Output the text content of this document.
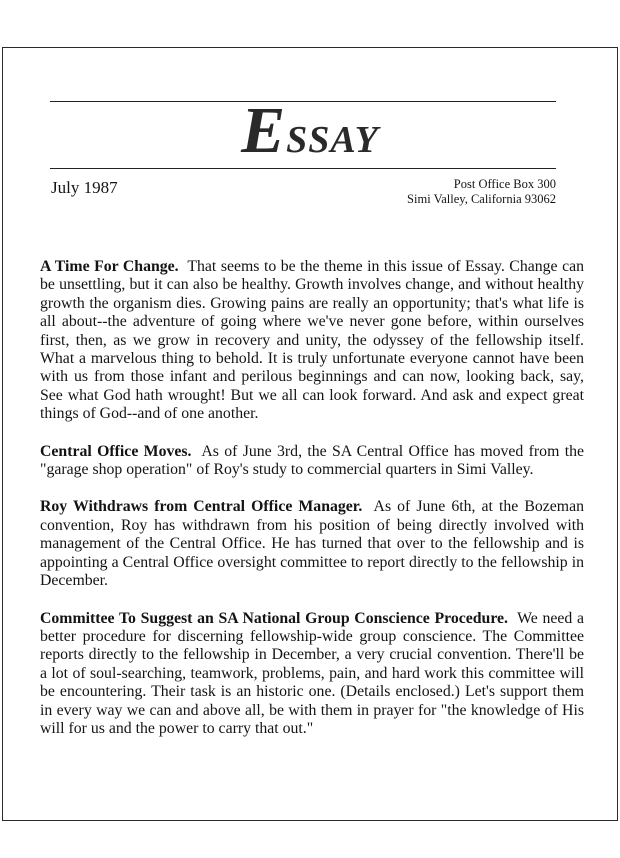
ESSAY
July 1987	Post Office Box 300
Simi Valley, California 93062

A Time For Change. That seems to be the theme in this issue of Essay. Change can be unsettling, but it can also be healthy. Growth involves change, and without healthy growth the organism dies. Growing pains are really an opportunity; that's what life is all about--the adventure of going where we've never gone before, within ourselves first, then, as we grow in recovery and unity, the odyssey of the fellowship itself. What a marvelous thing to behold. It is truly unfortunate everyone cannot have been with us from those infant and perilous beginnings and can now, looking back, say, See what God hath wrought! But we all can look forward. And ask and expect great things of God--and of one another.

Central Office Moves. As of June 3rd, the SA Central Office has moved from the "garage shop operation" of Roy's study to commercial quarters in Simi Valley.

Roy Withdraws from Central Office Manager. As of June 6th, at the Bozeman convention, Roy has withdrawn from his position of being directly involved with management of the Central Office. He has turned that over to the fellowship and is appointing a Central Office oversight committee to report directly to the fellowship in December.

Committee To Suggest an SA National Group Conscience Procedure. We need a better procedure for discerning fellowship-wide group conscience. The Committee reports directly to the fellowship in December, a very crucial convention. There'll be a lot of soul-searching, teamwork, problems, pain, and hard work this committee will be encountering. Their task is an historic one. (Details enclosed.) Let's support them in every way we can and above all, be with them in prayer for "the knowledge of His will for us and the power to carry that out."
